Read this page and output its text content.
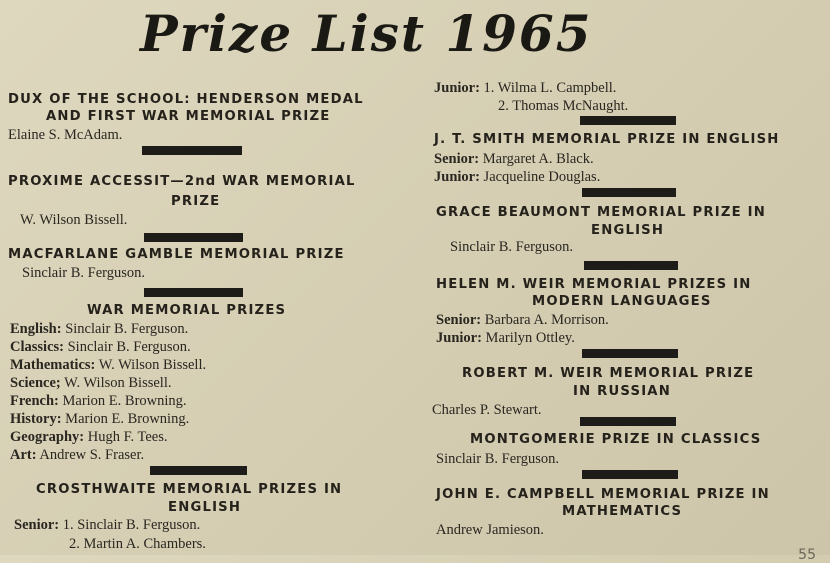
Prize List 1965

DUX OF THE SCHOOL: HENDERSON MEDAL

AND FIRST WAR MEMORIAL PRIZE

Elaine S. McAdam.

PROXIME ACCESSIT—2nd WAR MEMORIAL

PRIZE

W. Wilson Bissell.

MACFARLANE GAMBLE MEMORIAL PRIZE

Sinclair B. Ferguson.

WAR MEMORIAL PRIZES

English: Sinclair B. Ferguson.

Classics: Sinclair B. Ferguson.

Mathematics: W. Wilson Bissell.

Science; W. Wilson Bissell.

French: Marion E. Browning.

History: Marion E. Browning.

Geography: Hugh F. Tees.

Art: Andrew S. Fraser.

CROSTHWAITE MEMORIAL PRIZES IN

ENGLISH

Senior: 1. Sinclair B. Ferguson.

2. Martin A. Chambers.

Junior: 1. Wilma L. Campbell.

2. Thomas McNaught.

J. T. SMITH MEMORIAL PRIZE IN ENGLISH

Senior: Margaret A. Black.

Junior: Jacqueline Douglas.

GRACE BEAUMONT MEMORIAL PRIZE IN

ENGLISH

Sinclair B. Ferguson.

HELEN M. WEIR MEMORIAL PRIZES IN

MODERN LANGUAGES

Senior: Barbara A. Morrison.

Junior: Marilyn Ottley.

ROBERT M. WEIR MEMORIAL PRIZE

IN RUSSIAN

Charles P. Stewart.

MONTGOMERIE PRIZE IN CLASSICS

Sinclair B. Ferguson.

JOHN E. CAMPBELL MEMORIAL PRIZE IN

MATHEMATICS

Andrew Jamieson.

55
